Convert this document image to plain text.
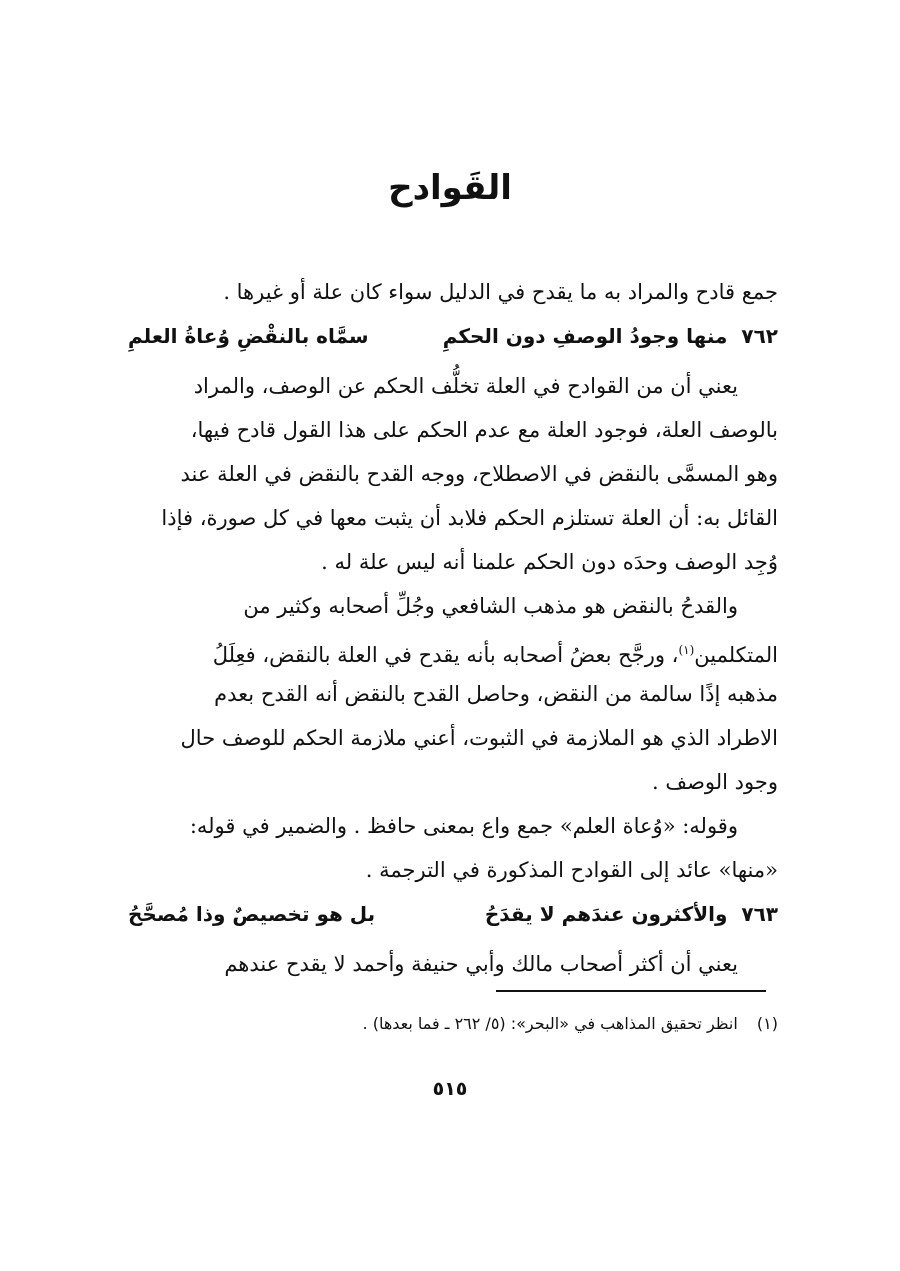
القَوادح
جمع قادح والمراد به ما يقدح في الدليل سواء كان علة أو غيرها .
٧٦٢
منها وجودُ الوصفِ دون الحكمِ
سمَّاه بالنقْضِ وُعاةُ العلمِ
يعني أن من القوادح في العلة تخلُّف الحكم عن الوصف، والمراد
بالوصف العلة، فوجود العلة مع عدم الحكم على هذا القول قادح فيها،
وهو المسمَّى بالنقض في الاصطلاح، ووجه القدح بالنقض في العلة عند
القائل به: أن العلة تستلزم الحكم فلابد أن يثبت معها في كل صورة، فإذا
وُجِد الوصف وحدَه دون الحكم علمنا أنه ليس علة له .
والقدحُ بالنقض هو مذهب الشافعي وجُلِّ أصحابه وكثير من
المتكلمين$^{(١)}$، ورجَّح بعضُ أصحابه بأنه يقدح في العلة بالنقض، فعِلَلُ
مذهبه إذًا سالمة من النقض، وحاصل القدح بالنقض أنه القدح بعدم
الاطراد الذي هو الملازمة في الثبوت، أعني ملازمة الحكم للوصف حال
وجود الوصف .
وقوله: «وُعاة العلم» جمع واع بمعنى حافظ . والضمير في قوله:
«منها» عائد إلى القوادح المذكورة في الترجمة .
٧٦٣
والأكثرون عندَهم لا يقدَحُ
بل هو تخصيصٌ وذا مُصحَّحُ
يعني أن أكثر أصحاب مالك وأبي حنيفة وأحمد لا يقدح عندهم
(١) انظر تحقيق المذاهب في «البحر»: (٥/ ٢٦٢ ـ فما بعدها) .
٥١٥
